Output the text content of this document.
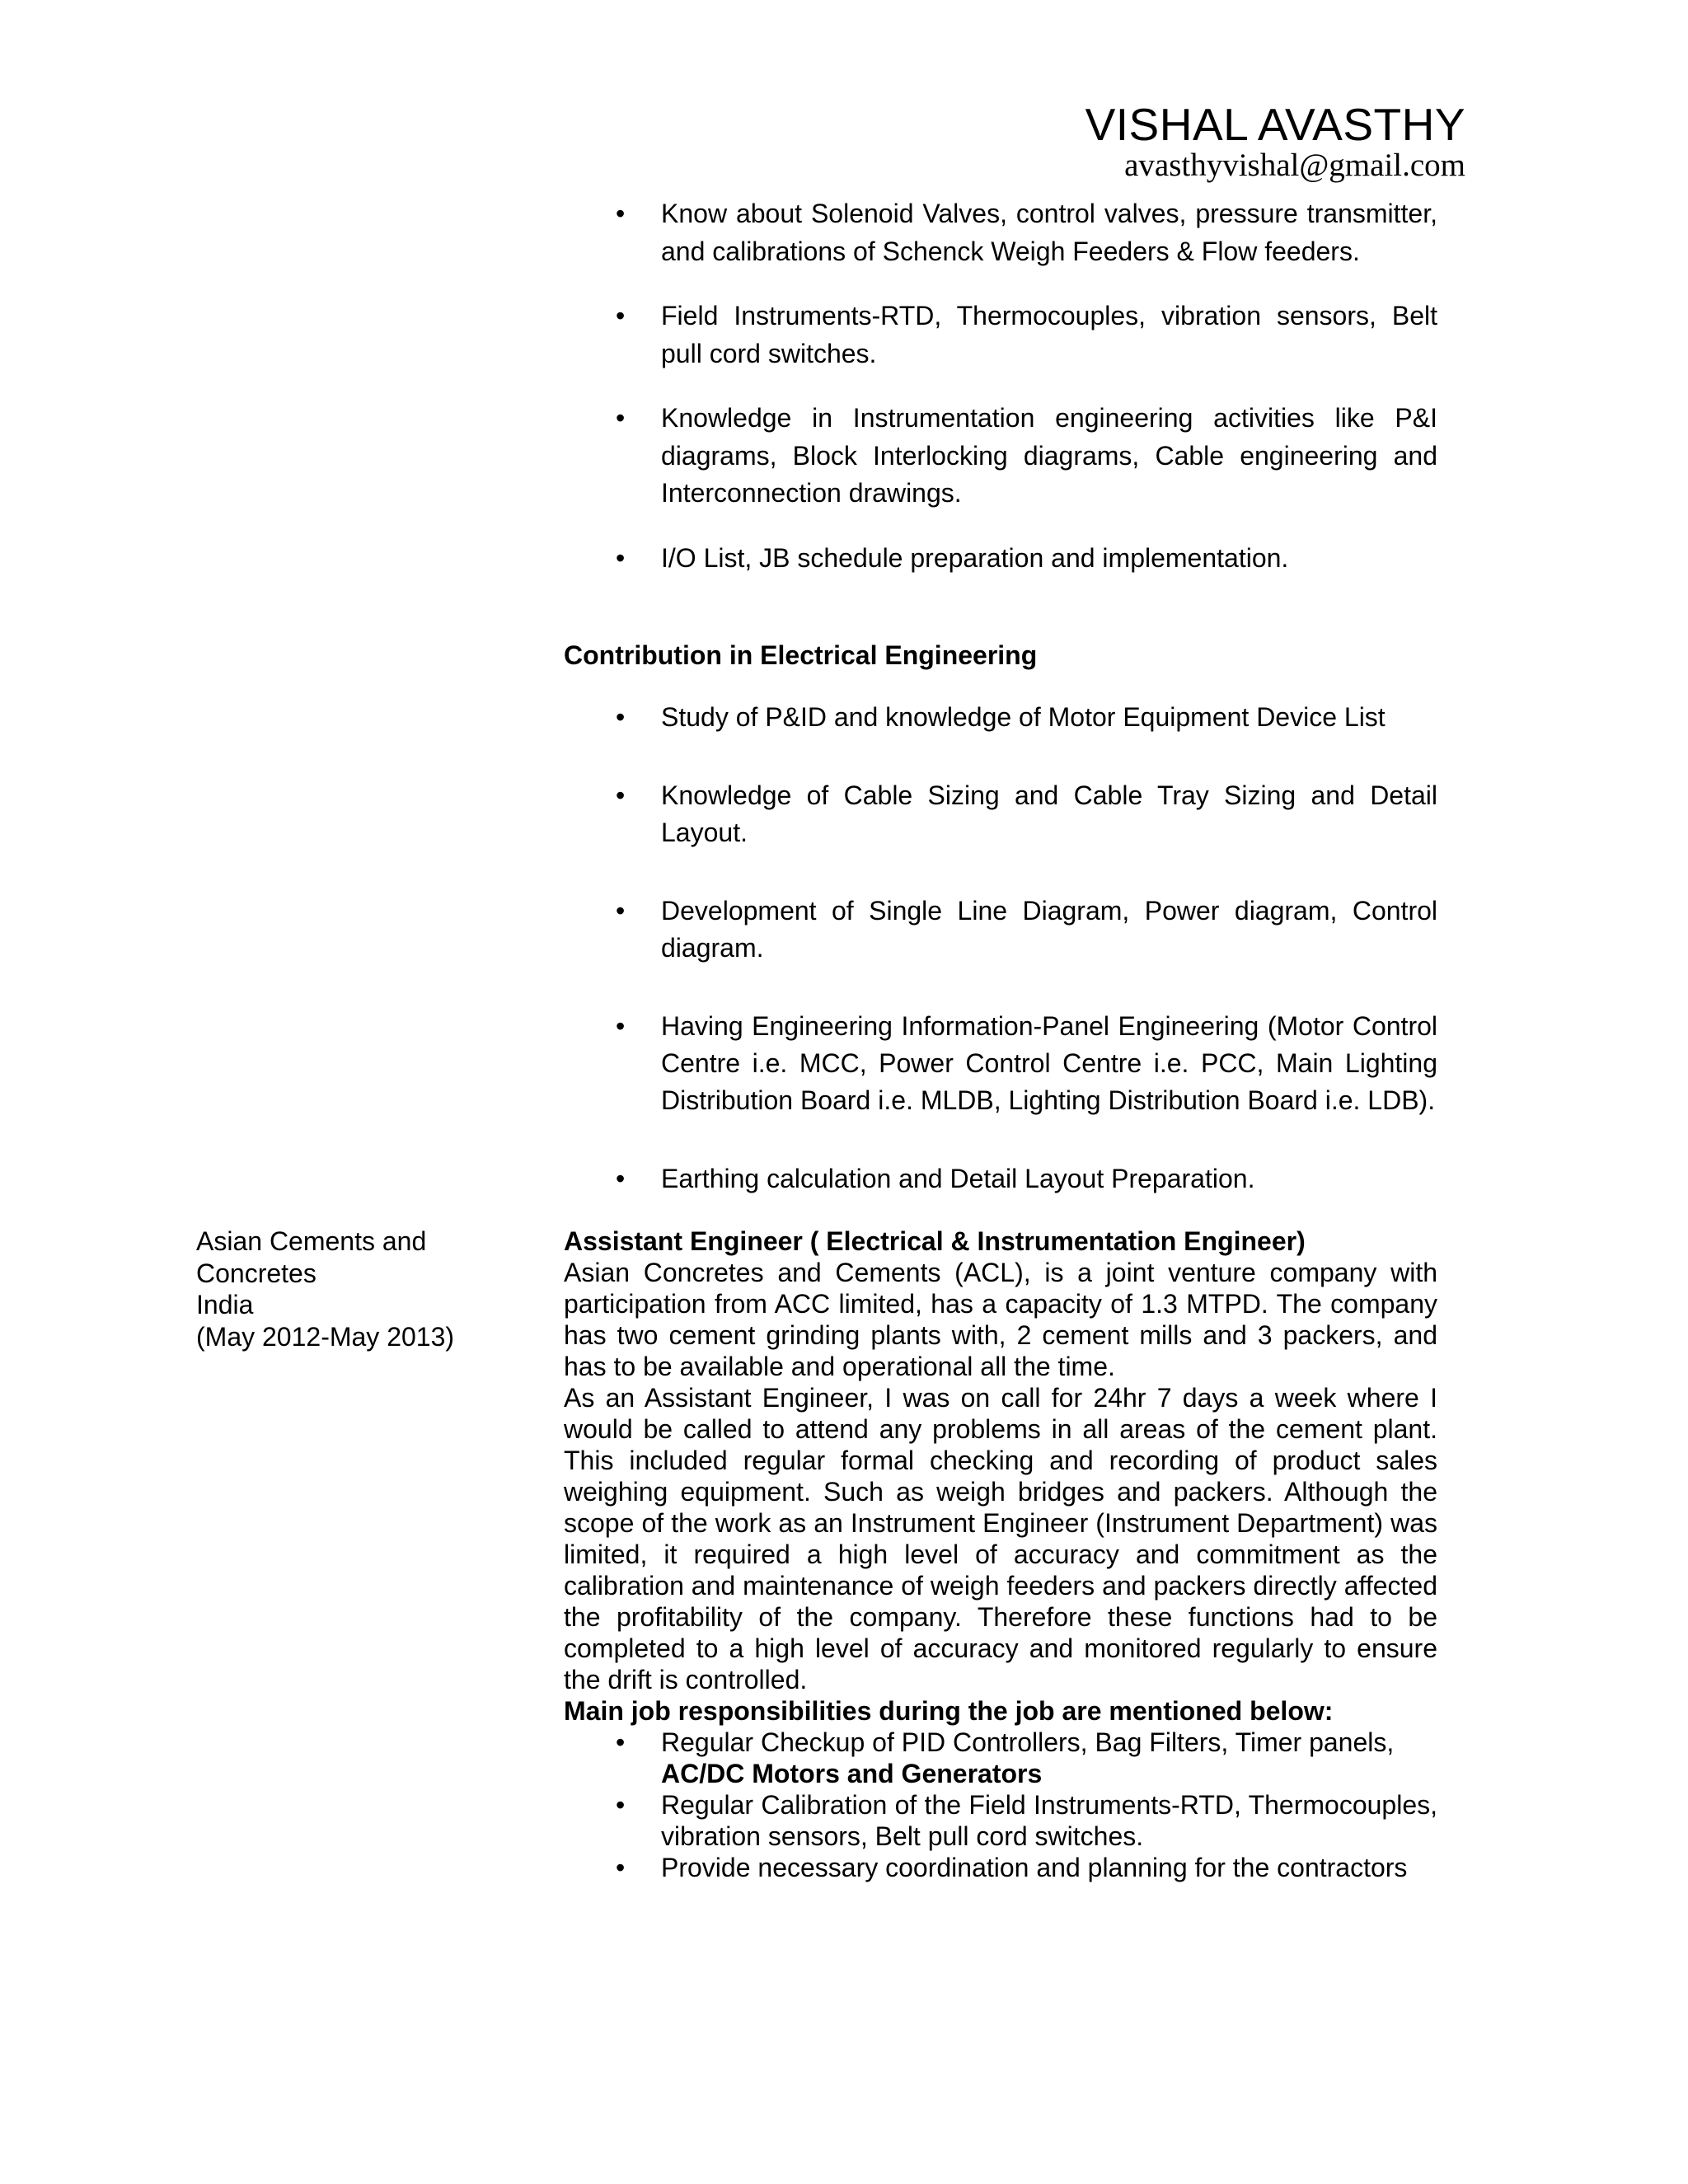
VISHAL AVASTHY
avasthyvishal@gmail.com
• Know about Solenoid Valves, control valves, pressure transmitter, and calibrations of Schenck Weigh Feeders & Flow feeders.
• Field Instruments-RTD, Thermocouples, vibration sensors, Belt pull cord switches.
• Knowledge in Instrumentation engineering activities like P&I diagrams, Block Interlocking diagrams, Cable engineering and Interconnection drawings.
• I/O List, JB schedule preparation and implementation.
Contribution in Electrical Engineering
• Study of P&ID and knowledge of Motor Equipment Device List
• Knowledge of Cable Sizing and Cable Tray Sizing and Detail Layout.
• Development of Single Line Diagram, Power diagram, Control diagram.
• Having Engineering Information-Panel Engineering (Motor Control Centre i.e. MCC, Power Control Centre i.e. PCC, Main Lighting Distribution Board i.e. MLDB, Lighting Distribution Board i.e. LDB).
• Earthing calculation and Detail Layout Preparation.
Asian Cements and
Concretes
India
(May 2012-May 2013)

Assistant Engineer ( Electrical & Instrumentation Engineer)

Asian Concretes and Cements (ACL), is a joint venture company with participation from ACC limited, has a capacity of 1.3 MTPD. The company has two cement grinding plants with, 2 cement mills and 3 packers, and has to be available and operational all the time.

As an Assistant Engineer, I was on call for 24hr 7 days a week where I would be called to attend any problems in all areas of the cement plant. This included regular formal checking and recording of product sales weighing equipment. Such as weigh bridges and packers. Although the scope of the work as an Instrument Engineer (Instrument Department) was limited, it required a high level of accuracy and commitment as the calibration and maintenance of weigh feeders and packers directly affected the profitability of the company. Therefore these functions had to be completed to a high level of accuracy and monitored regularly to ensure the drift is controlled.

Main job responsibilities during the job are mentioned below:

• Regular Checkup of PID Controllers, Bag Filters, Timer panels,
AC/DC Motors and Generators
• Regular Calibration of the Field Instruments-RTD, Thermocouples, vibration sensors, Belt pull cord switches.
• Provide necessary coordination and planning for the contractors
